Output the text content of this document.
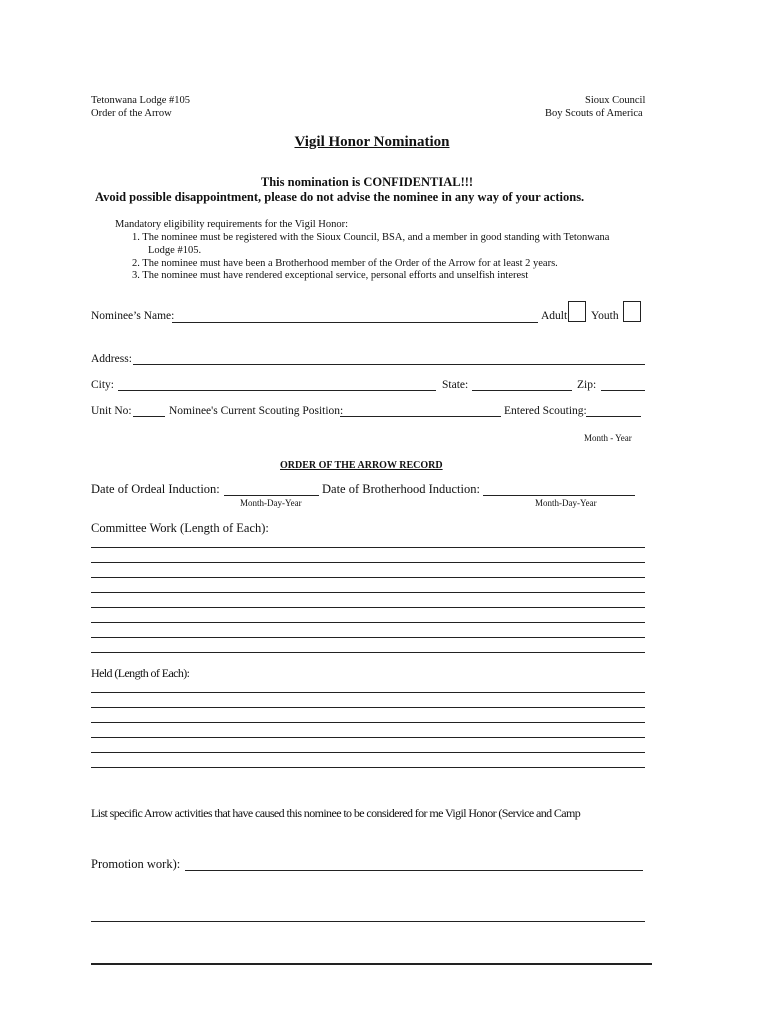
Tetonwana Lodge #105
Order of the Arrow
Sioux Council
Boy Scouts of America
Vigil Honor Nomination
This nomination is CONFIDENTIAL!!!
Avoid possible disappointment, please do not advise the nominee in any way of your actions.
Mandatory eligibility requirements for the Vigil Honor:
1. The nominee must be registered with the Sioux Council, BSA, and a member in good standing with Tetonwana
Lodge #105.
2. The nominee must have been a Brotherhood member of the Order of the Arrow for at least 2 years.
3. The nominee must have rendered exceptional service, personal efforts and unselfish interest
Nominee’s Name:	Adult Youth
Address:
City:	State:	Zip:
Unit No:	Nominee's Current Scouting Position:	Entered Scouting:
Month - Year
ORDER OF THE ARROW RECORD
Date of Ordeal Induction:	Date of Brotherhood Induction:
Month-Day-Year	Month-Day-Year
Committee Work (Length of Each):
Held (Length of Each):
List specific Arrow activities that have caused this nominee to be considered for me Vigil Honor (Service and Camp
Promotion work):
